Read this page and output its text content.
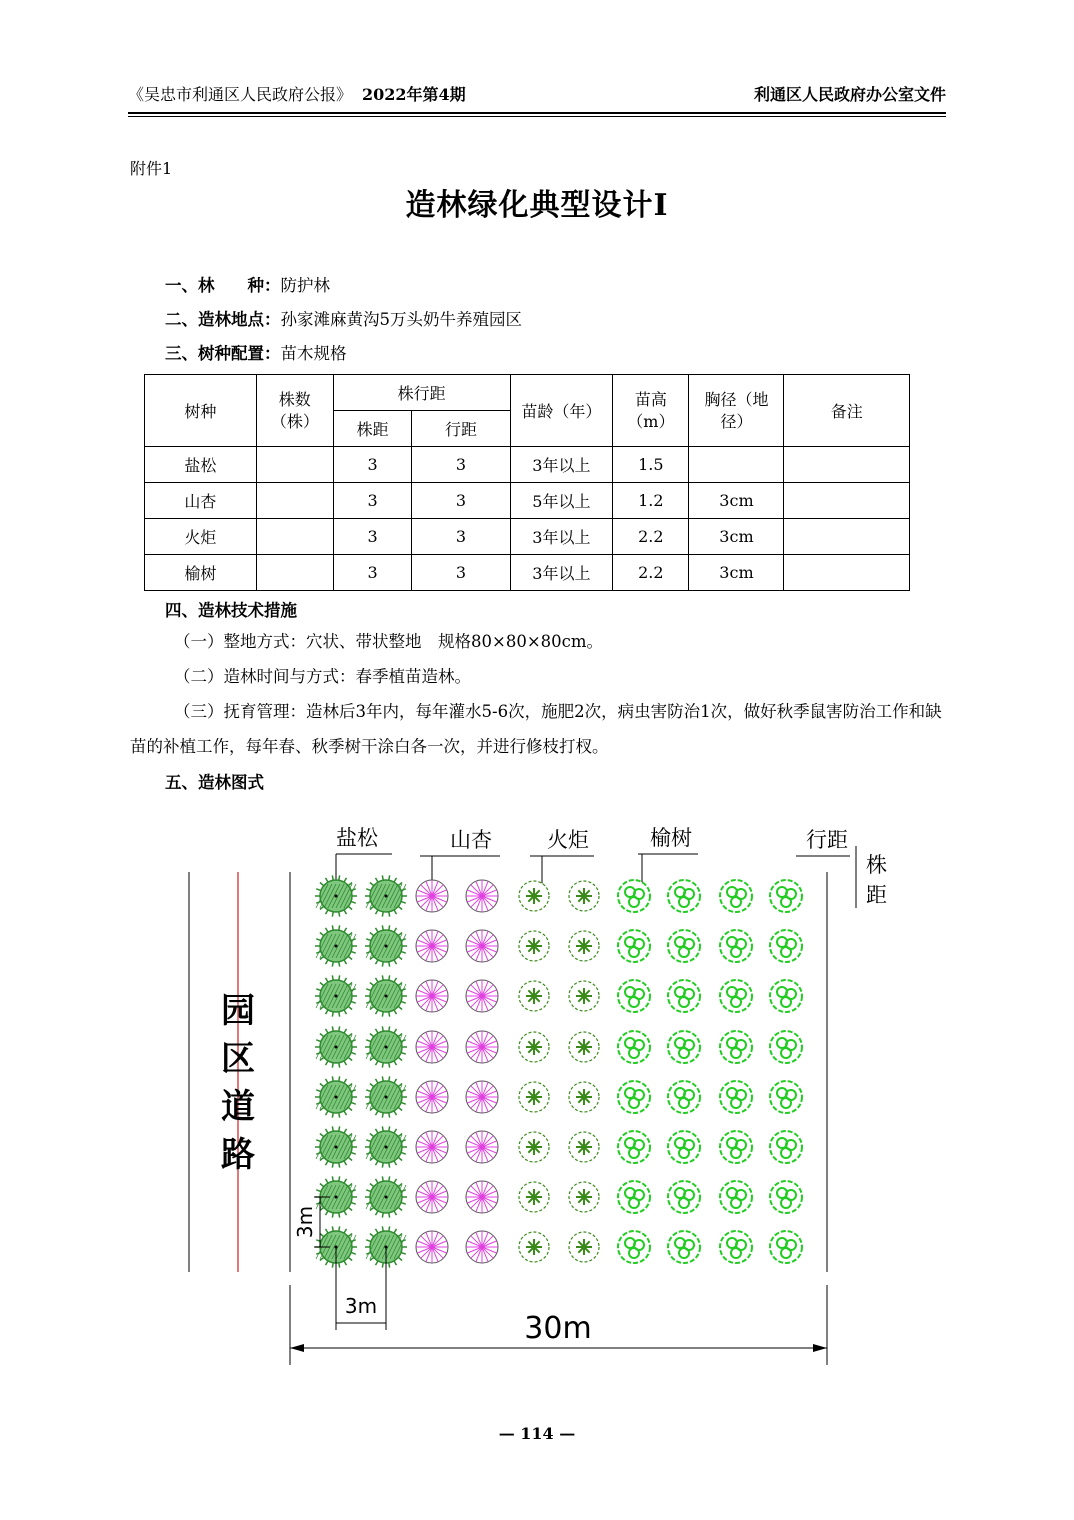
《吴忠市利通区人民政府公报》 2022年第4期	利通区人民政府办公室文件
附件1
造林绿化典型设计Ⅰ
一、林　　种：防护林
二、造林地点：孙家滩麻黄沟5万头奶牛养殖园区
三、树种配置：苗木规格
树种	株数（株）	株行距		苗龄（年）	苗高（m）	胸径（地径）	备注
		株距	行距				
盐松		3	3	3年以上	1.5		
山杏		3	3	5年以上	1.2	3cm	
火炬		3	3	3年以上	2.2	3cm	
榆树		3	3	3年以上	2.2	3cm	
四、造林技术措施
（一）整地方式：穴状、带状整地　规格80×80×80cm。
（二）造林时间与方式：春季植苗造林。
（三）抚育管理：造林后3年内，每年灌水5-6次，施肥2次，病虫害防治1次，做好秋季鼠害防治工作和缺苗的补植工作，每年春、秋季树干涂白各一次，并进行修枝打杈。
五、造林图式
园
区
道
路
盐松	山杏	火炬	榆树	行距
株
距
3m
3m
30m
— 114 —
